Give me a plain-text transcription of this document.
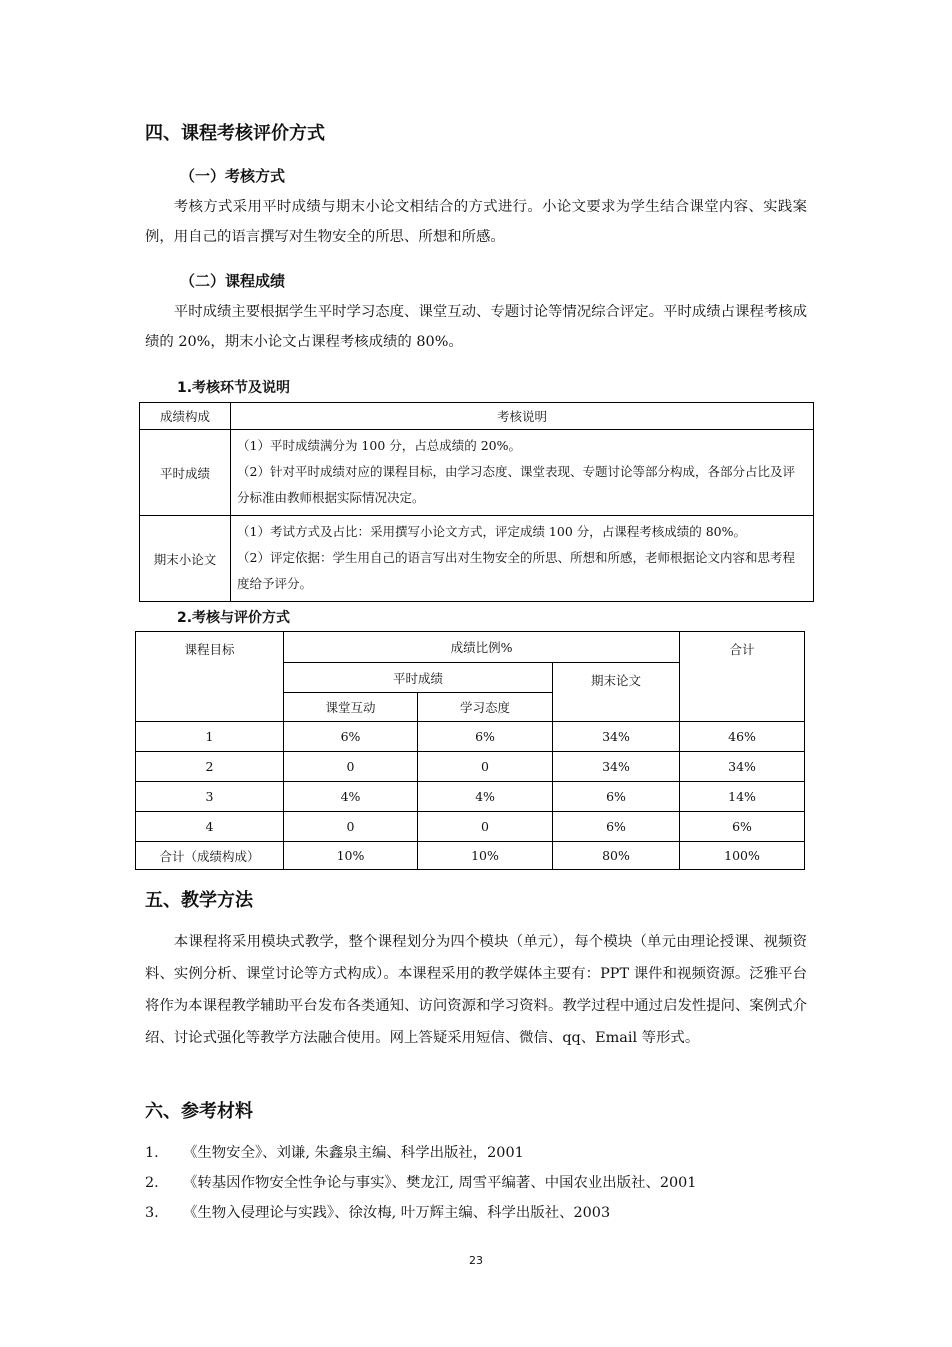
四、课程考核评价方式
（一）考核方式
考核方式采用平时成绩与期末小论文相结合的方式进行。小论文要求为学生结合课堂内容、实践案例，用自己的语言撰写对生物安全的所思、所想和所感。
（二）课程成绩
平时成绩主要根据学生平时学习态度、课堂互动、专题讨论等情况综合评定。平时成绩占课程考核成绩的 20%，期末小论文占课程考核成绩的 80%。
1.考核环节及说明
成绩构成	考核说明
平时成绩	（1）平时成绩满分为 100 分，占总成绩的 20%。
（2）针对平时成绩对应的课程目标，由学习态度、课堂表现、专题讨论等部分构成，各部分占比及评分标准由教师根据实际情况决定。

期末小论文	（1）考试方式及占比：采用撰写小论文方式，评定成绩 100 分，占课程考核成绩的 80%。
（2）评定依据：学生用自己的语言写出对生物安全的所思、所想和所感，老师根据论文内容和思考程度给予评分。
2.考核与评价方式
课程目标	成绩比例%			合计
	平时成绩		期末论文	
	课堂互动	学习态度		
1	6%	6%	34%	46%
2	0	0	34%	34%
3	4%	4%	6%	14%
4	0	0	6%	6%
合计（成绩构成）	10%	10%	80%	100%
五、教学方法
本课程将采用模块式教学，整个课程划分为四个模块（单元），每个模块（单元由理论授课、视频资料、实例分析、课堂讨论等方式构成）。本课程采用的教学媒体主要有：PPT 课件和视频资源。泛雅平台将作为本课程教学辅助平台发布各类通知、访问资源和学习资料。教学过程中通过启发性提问、案例式介绍、讨论式强化等教学方法融合使用。网上答疑采用短信、微信、qq、Email 等形式。
六、参考材料
1. 《生物安全》、刘谦, 朱鑫泉主编、科学出版社，2001
2. 《转基因作物安全性争论与事实》、樊龙江, 周雪平编著、中国农业出版社、2001
3. 《生物入侵理论与实践》、徐汝梅, 叶万辉主编、科学出版社、2003
23
